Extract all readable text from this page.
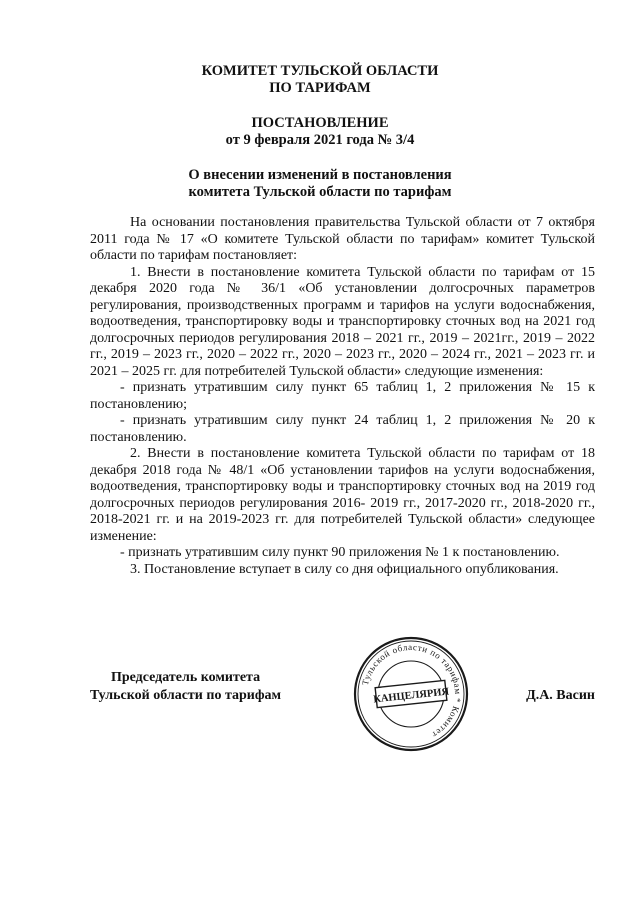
КОМИТЕТ ТУЛЬСКОЙ ОБЛАСТИ
ПО ТАРИФАМ
ПОСТАНОВЛЕНИЕ
от 9 февраля 2021 года № 3/4
О внесении изменений в постановления
комитета Тульской области по тарифам

На основании постановления правительства Тульской области от 7 октября 2011 года № 17 «О комитете Тульской области по тарифам» комитет Тульской области по тарифам постановляет:

1. Внести в постановление комитета Тульской области по тарифам от 15 декабря 2020 года № 36/1 «Об установлении долгосрочных параметров регулирования, производственных программ и тарифов на услуги водоснабжения, водоотведения, транспортировку воды и транспортировку сточных вод на 2021 год долгосрочных периодов регулирования 2018 – 2021 гг., 2019 – 2021гг., 2019 – 2022 гг., 2019 – 2023 гг., 2020 – 2022 гг., 2020 – 2023 гг., 2020 – 2024 гг., 2021 – 2023 гг. и 2021 – 2025 гг. для потребителей Тульской области» следующие изменения:

- признать утратившим силу пункт 65 таблиц 1, 2 приложения № 15 к постановлению;

- признать утратившим силу пункт 24 таблиц 1, 2 приложения № 20 к постановлению.

2. Внести в постановление комитета Тульской области по тарифам от 18 декабря 2018 года № 48/1 «Об установлении тарифов на услуги водоснабжения, водоотведения, транспортировку воды и транспортировку сточных вод на 2019 год долгосрочных периодов регулирования 2016- 2019 гг., 2017-2020 гг., 2018-2020 гг., 2018-2021 гг. и на 2019-2023 гг. для потребителей Тульской области» следующее изменение:

- признать утратившим силу пункт 90 приложения № 1 к постановлению.

3. Постановление вступает в силу со дня официального опубликования.

Председатель комитета
Тульской области по тарифам
Тульской области по тарифам * Комитет
КАНЦЕЛЯРИЯ	Д.А. Васин
